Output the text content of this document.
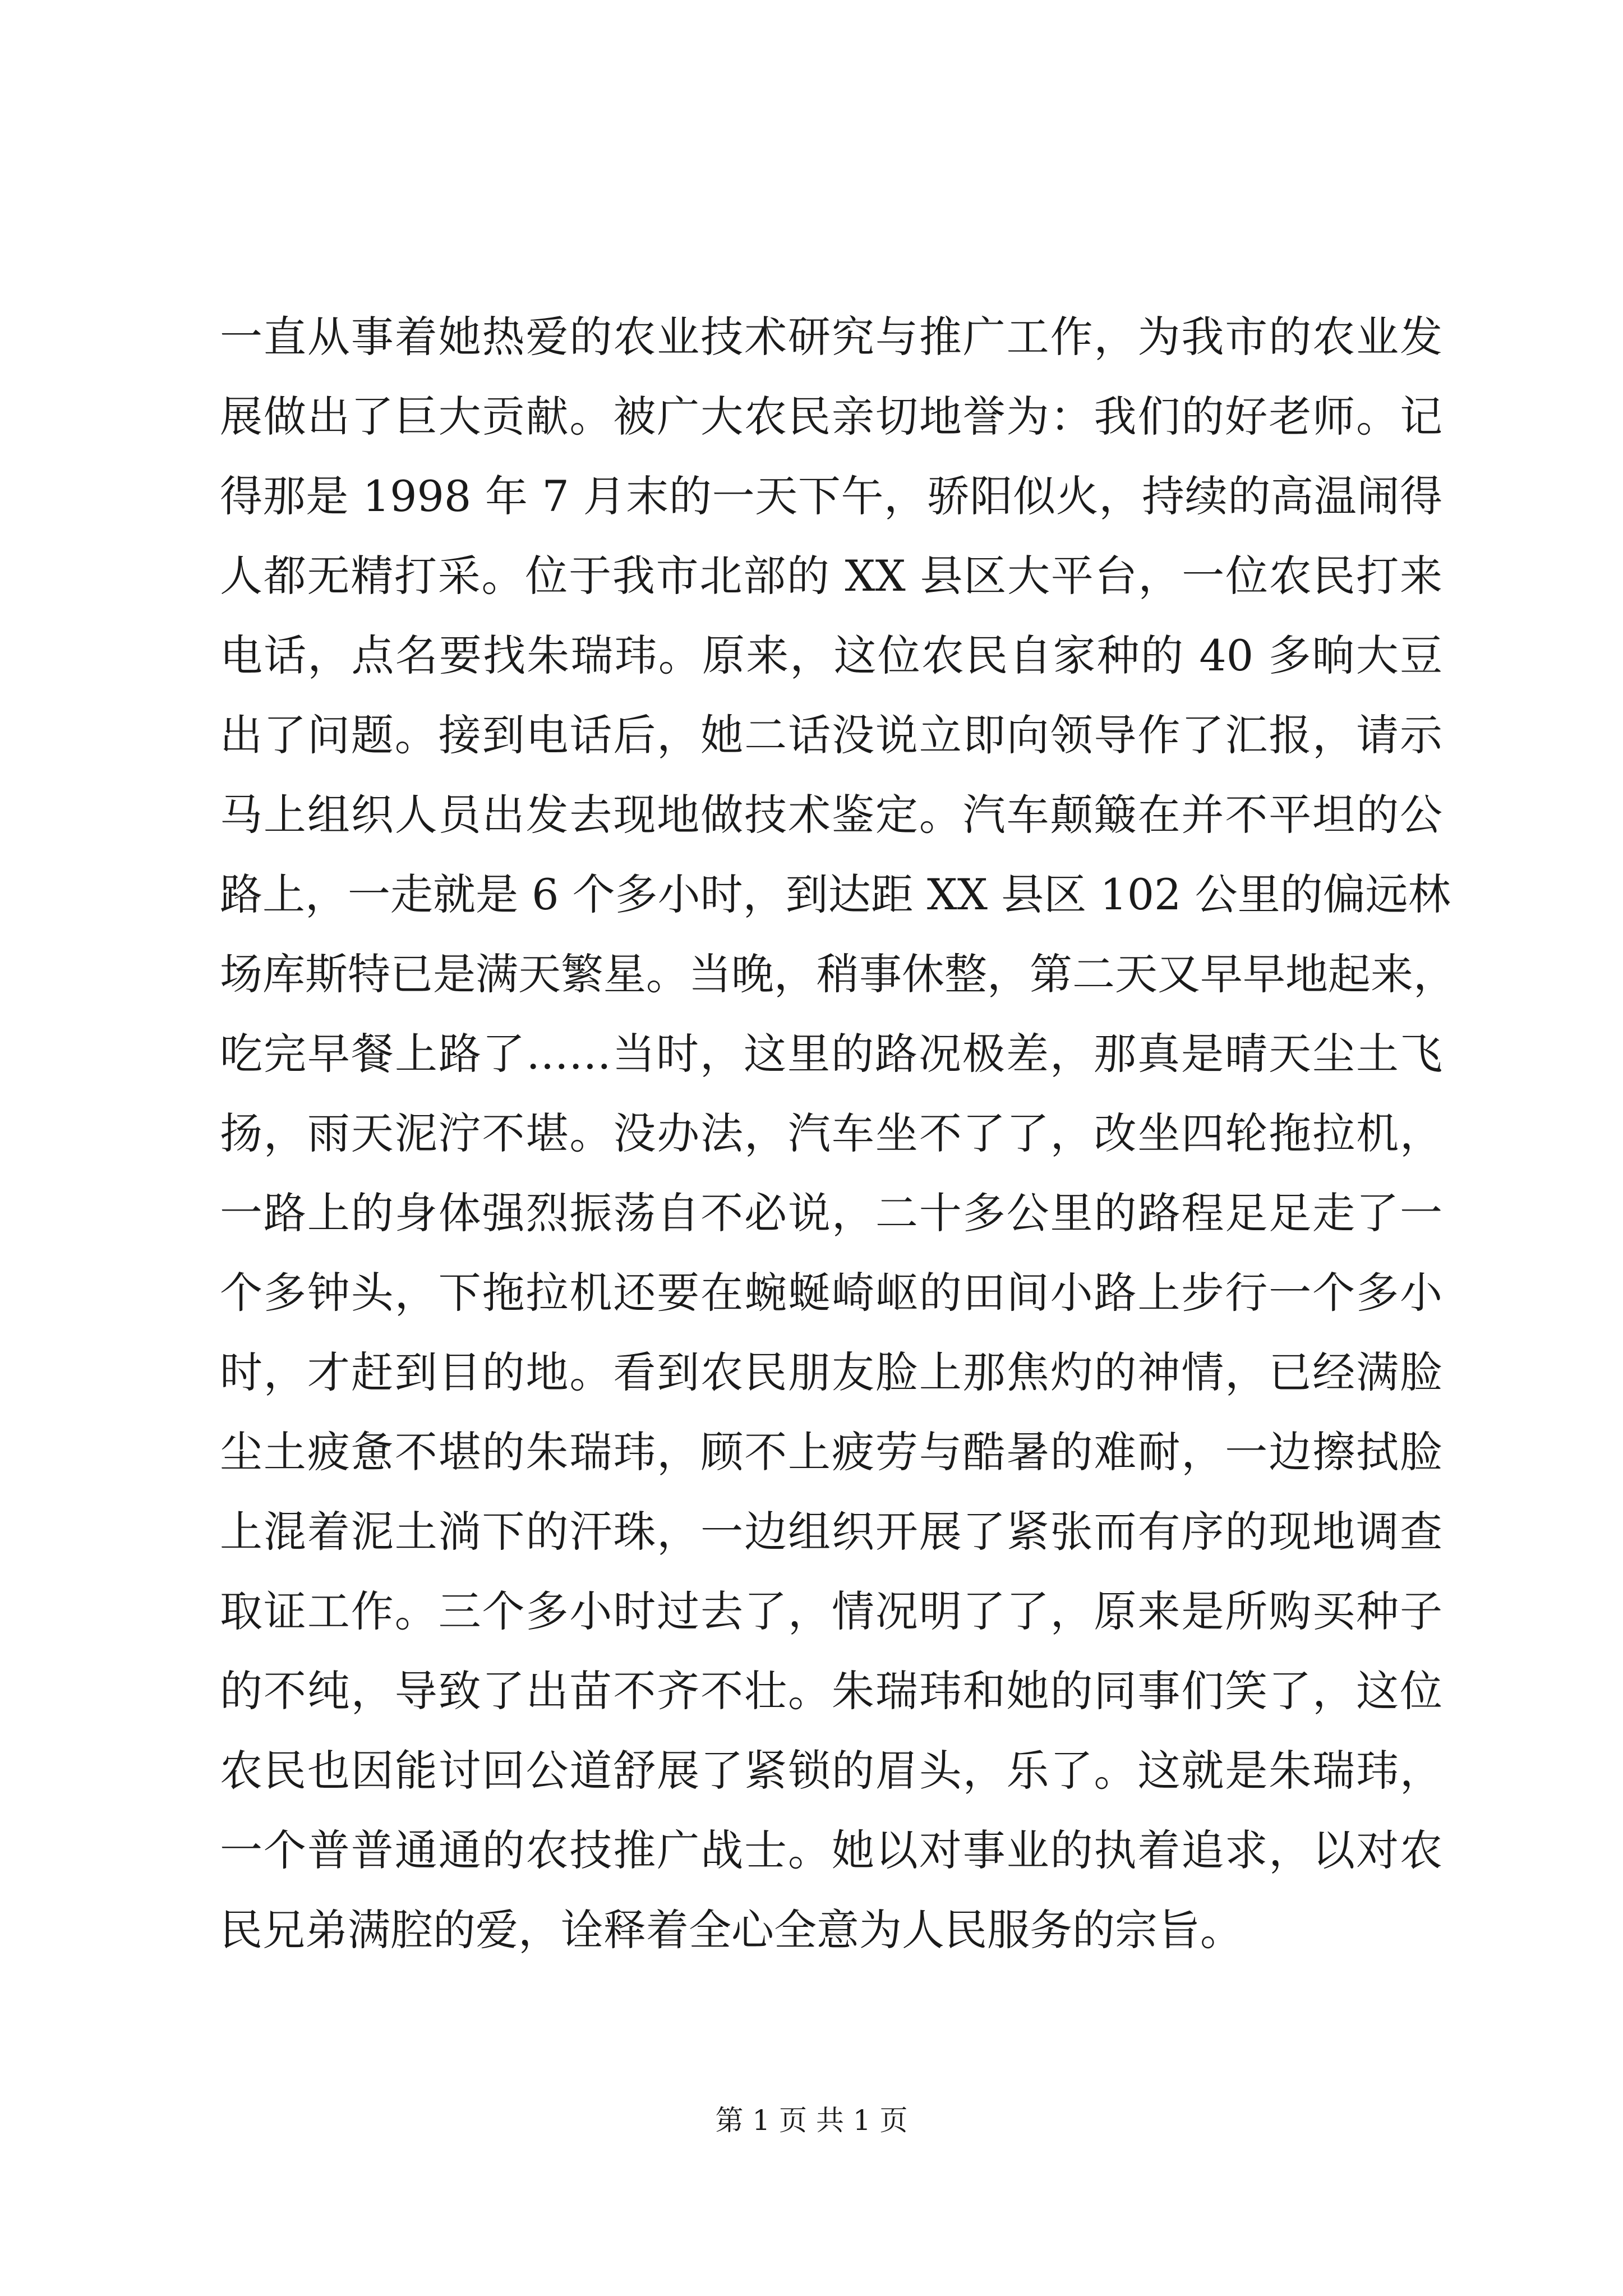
一直从事着她热爱的农业技术研究与推广工作，为我市的农业发
展做出了巨大贡献。被广大农民亲切地誉为：我们的好老师。记
得那是 1998 年 7 月末的一天下午，骄阳似火，持续的高温闹得
人都无精打采。位于我市北部的 XX 县区大平台，一位农民打来
电话，点名要找朱瑞玮。原来，这位农民自家种的 40 多晌大豆
出了问题。接到电话后，她二话没说立即向领导作了汇报，请示
马上组织人员出发去现地做技术鉴定。汽车颠簸在并不平坦的公
路上，一走就是 6 个多小时，到达距 XX 县区 102 公里的偏远林
场库斯特已是满天繁星。当晚，稍事休整，第二天又早早地起来，
吃完早餐上路了……当时，这里的路况极差，那真是晴天尘土飞
扬，雨天泥泞不堪。没办法，汽车坐不了了，改坐四轮拖拉机，
一路上的身体强烈振荡自不必说，二十多公里的路程足足走了一
个多钟头，下拖拉机还要在蜿蜒崎岖的田间小路上步行一个多小
时，才赶到目的地。看到农民朋友脸上那焦灼的神情，已经满脸
尘土疲惫不堪的朱瑞玮，顾不上疲劳与酷暑的难耐，一边擦拭脸
上混着泥土淌下的汗珠，一边组织开展了紧张而有序的现地调查
取证工作。三个多小时过去了，情况明了了，原来是所购买种子
的不纯，导致了出苗不齐不壮。朱瑞玮和她的同事们笑了，这位
农民也因能讨回公道舒展了紧锁的眉头，乐了。这就是朱瑞玮，
一个普普通通的农技推广战士。她以对事业的执着追求，以对农
民兄弟满腔的爱，诠释着全心全意为人民服务的宗旨。
第 1 页 共 1 页
